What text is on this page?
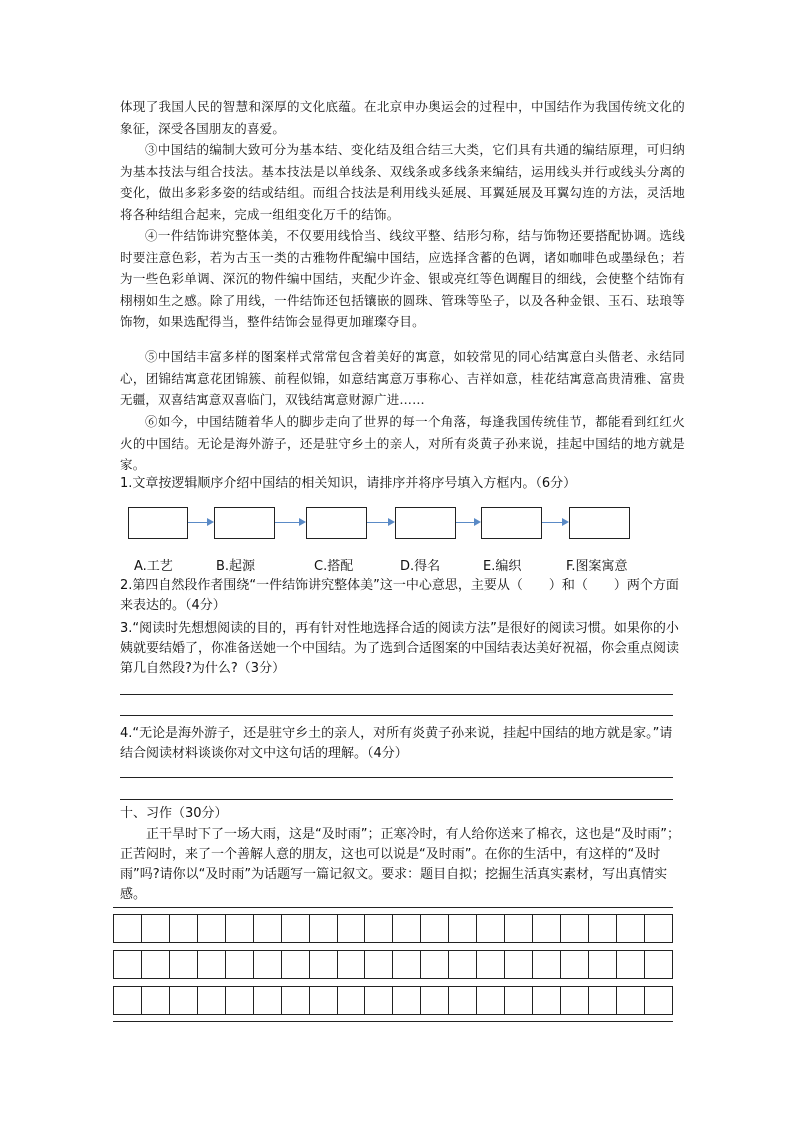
体现了我国人民的智慧和深厚的文化底蕴。在北京申办奥运会的过程中，中国结作为我国传统文化的象征，深受各国朋友的喜爱。

③中国结的编制大致可分为基本结、变化结及组合结三大类，它们具有共通的编结原理，可归纳为基本技法与组合技法。基本技法是以单线条、双线条或多线条来编结，运用线头并行或线头分离的变化，做出多彩多姿的结或结组。而组合技法是利用线头延展、耳翼延展及耳翼勾连的方法，灵活地将各种结组合起来，完成一组组变化万千的结饰。

④一件结饰讲究整体美，不仅要用线恰当、线纹平整、结形匀称，结与饰物还要搭配协调。选线时要注意色彩，若为古玉一类的古雅物件配编中国结，应选择含蓄的色调，诸如咖啡色或墨绿色；若为一些色彩单调、深沉的物件编中国结，夹配少许金、银或亮红等色调醒目的细线，会使整个结饰有栩栩如生之感。除了用线，一件结饰还包括镶嵌的圆珠、管珠等坠子，以及各种金银、玉石、珐琅等饰物，如果选配得当，整件结饰会显得更加璀璨夺目。

⑤中国结丰富多样的图案样式常常包含着美好的寓意，如较常见的同心结寓意白头偕老、永结同心，团锦结寓意花团锦簇、前程似锦，如意结寓意万事称心、吉祥如意，桂花结寓意高贵清雅、富贵无疆，双喜结寓意双喜临门，双钱结寓意财源广进……

⑥如今，中国结随着华人的脚步走向了世界的每一个角落，每逢我国传统佳节，都能看到红红火火的中国结。无论是海外游子，还是驻守乡土的亲人，对所有炎黄子孙来说，挂起中国结的地方就是家。

1.文章按逻辑顺序介绍中国结的相关知识，请排序并将序号填入方框内。（6分）

A.工艺	B.起源	C.搭配	D.得名	E.编织	F.图案寓意

2.第四自然段作者围绕“一件结饰讲究整体美”这一中心意思，主要从（　　）和（　　）两个方面来表达的。（4分）

3.“阅读时先想想阅读的目的，再有针对性地选择合适的阅读方法”是很好的阅读习惯。如果你的小姨就要结婚了，你准备送她一个中国结。为了选到合适图案的中国结表达美好祝福，你会重点阅读第几自然段?为什么?（3分）

4.“无论是海外游子，还是驻守乡土的亲人，对所有炎黄子孙来说，挂起中国结的地方就是家。”请结合阅读材料谈谈你对文中这句话的理解。（4分）

十、习作（30分）

正干旱时下了一场大雨，这是“及时雨”；正寒冷时，有人给你送来了棉衣，这也是“及时雨”；正苦闷时，来了一个善解人意的朋友，这也可以说是“及时雨”。在你的生活中，有这样的“及时雨”吗?请你以“及时雨”为话题写一篇记叙文。要求：题目自拟；挖掘生活真实素材，写出真情实感。
